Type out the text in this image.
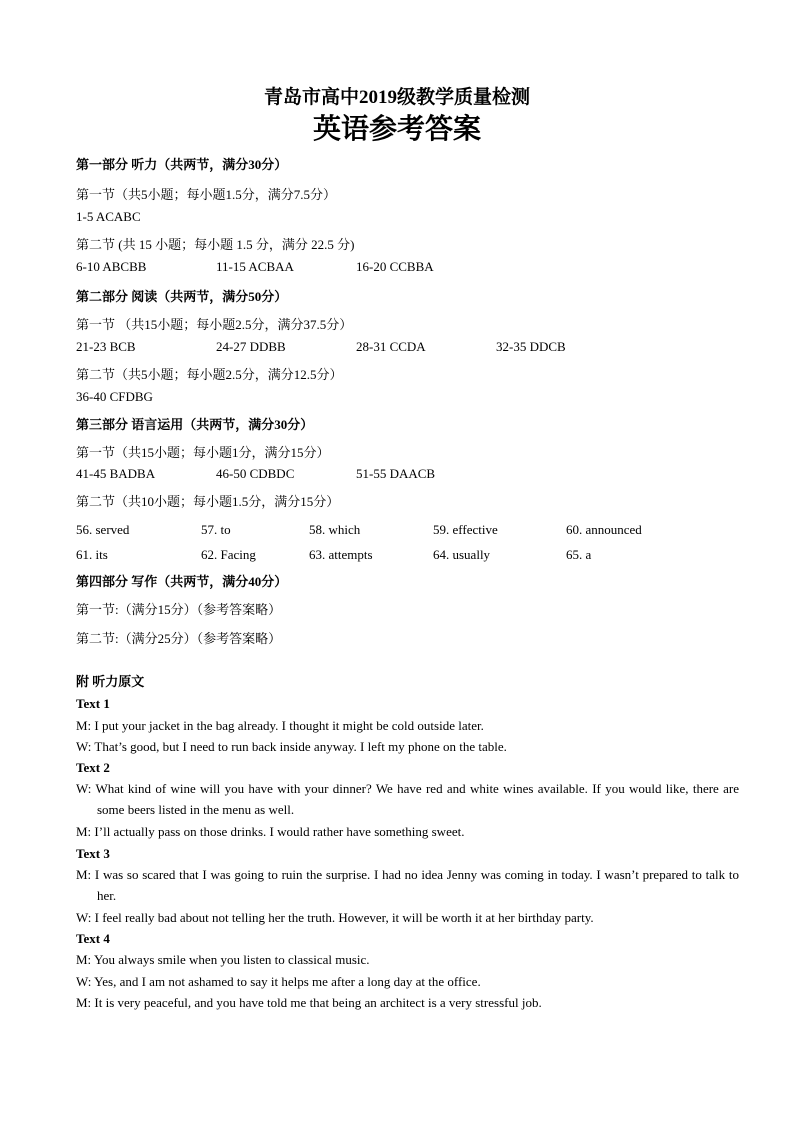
青岛市高中2019级教学质量检测
英语参考答案
第一部分 听力（共两节，满分30分）
第一节（共5小题；每小题1.5分，满分7.5分）
1-5 ACABC
第二节 (共 15 小题；每小题 1.5 分，满分 22.5 分)
6-10 ABCBB	11-15 ACBAA	16-20 CCBBA
第二部分 阅读（共两节，满分50分）
第一节 （共15小题；每小题2.5分，满分37.5分）
21-23 BCB	24-27 DDBB	28-31 CCDA	32-35 DDCB
第二节（共5小题；每小题2.5分，满分12.5分）
36-40 CFDBG
第三部分 语言运用（共两节，满分30分）
第一节（共15小题；每小题1分，满分15分）
41-45 BADBA	46-50 CDBDC	51-55 DAACB
第二节（共10小题；每小题1.5分，满分15分）
56. served	57. to	58. which	59. effective	60. announced
61. its	62. Facing	63. attempts	64. usually	65. a
第四部分 写作（共两节，满分40分）
第一节:（满分15分）（参考答案略）
第二节:（满分25分）（参考答案略）
附 听力原文
Text 1
M: I put your jacket in the bag already. I thought it might be cold outside later.
W: That’s good, but I need to run back inside anyway. I left my phone on the table.
Text 2
W: What kind of wine will you have with your dinner? We have red and white wines available. If you would like, there are some beers listed in the menu as well.
M: I’ll actually pass on those drinks. I would rather have something sweet.
Text 3
M: I was so scared that I was going to ruin the surprise. I had no idea Jenny was coming in today. I wasn’t prepared to talk to her.
W: I feel really bad about not telling her the truth. However, it will be worth it at her birthday party.
Text 4
M: You always smile when you listen to classical music.
W: Yes, and I am not ashamed to say it helps me after a long day at the office.
M: It is very peaceful, and you have told me that being an architect is a very stressful job.
